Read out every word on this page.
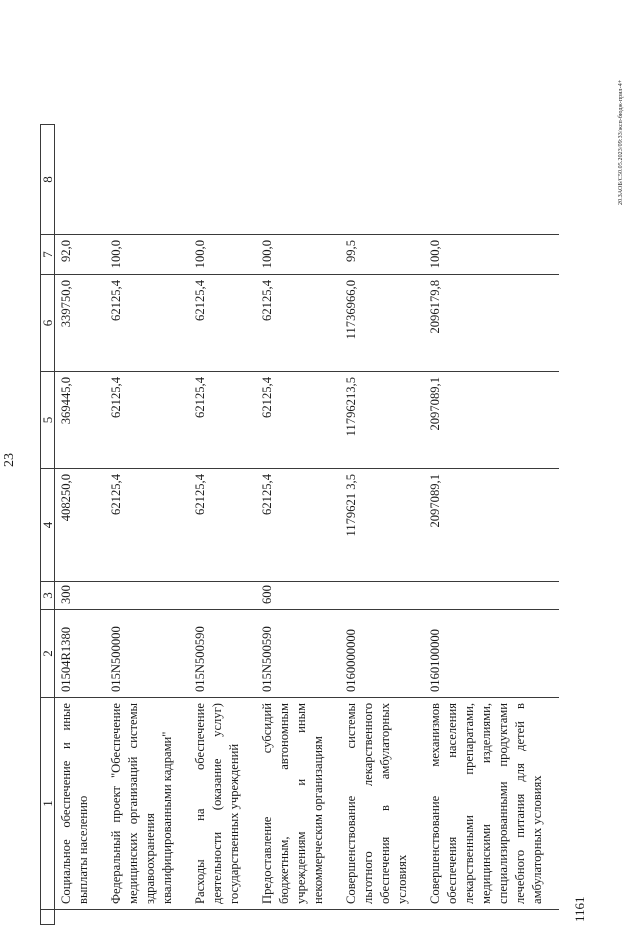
23
	1	2	3	4	5	6	7	8
	Социальное обеспечение и иные выплаты населению	01504R1380	300	408250,0	369445,0	339750,0	92,0	
	Федеральный проект "Обеспечение медицинских организаций системы здравоохранения квалифицированными кадрами"	015N500000		62125,4	62125,4	62125,4	100,0	
	Расходы на обеспечение деятельности (оказание услуг) государственных учреждений	015N500590		62125,4	62125,4	62125,4	100,0	
	Предоставление субсидий бюджетным, автономным учреждениям и иным некоммерческим организациям	015N500590	600	62125,4	62125,4	62125,4	100,0	
	Совершенствование системы льготного лекарственного обеспечения в амбулаторных условиях	0160000000		1179621 3,5	11796213,5	11736966,0	99,5	
	Совершенствование механизмов обеспечения населения лекарственными препаратами, медицинскими изделиями, специализированными продуктами лечебного питания для детей в амбулаторных условиях	0160100000		2097089,1	2097089,1	2096179,8	100,0	
1161
20.ЗАОБ/С50.05.2023/09:33/жсп-бюдж-прил-4+
